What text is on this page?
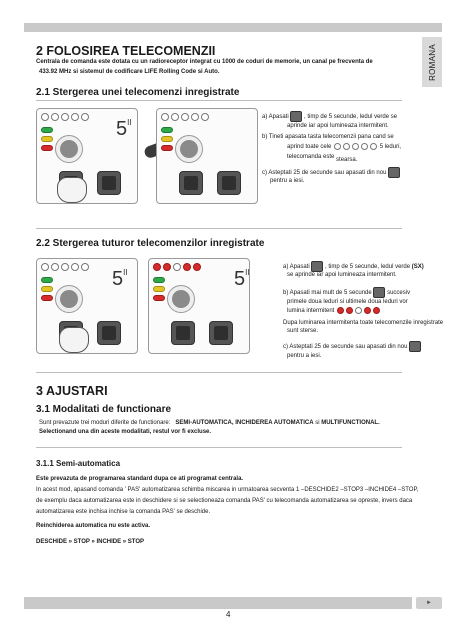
►
ROMANA
2 FOLOSIREA TELECOMENZII
Centrala de comanda este dotata cu un radioreceptor integrat cu 1000 de coduri de memorie, un canal pe frecventa de
433.92 MHz si sistemul de codificare LIFE Rolling Code si Auto.
2.1 Stergerea unei telecomenzi inregistrate
$5^{II}$
a) Apasati	, timp de 5 secunde, ledul verde se
aprinde iar apoi lumineaza intermitent.
b) Tineti apasata tasta telecomenzii pana cand se
aprind toate cele	5 leduri,
telecomanda este stearsa.
c) Asteptati 25 de secunde sau apasati din nou
pentru a iesi.
2.2 Stergerea tuturor telecomenzilor inregistrate
$5^{II}$	$5^{II}$
a) Apasati	, timp de 5 secunde, ledul verde (SX)
se aprinde iar apoi lumineaza intermitent.
b) Apasati mai mult de 5 secunde	succesiv
primele doua leduri si ultimele doua leduri vor
lumina intermitent
Dupa luminarea intermitenta toate telecomenzile inregistrate
sunt sterse.
c) Asteptati 25 de secunde sau apasati din nou
pentru a iesi.
3 AJUSTARI
3.1 Modalitati de functionare
Sunt prevazute trei moduri diferite de functionare: SEMI-AUTOMATICA, INCHIDEREA AUTOMATICA si MULTIFUNCTIONAL.
Selectionand una din aceste modalitati, restul vor fi excluse.
3.1.1 Semi-automatica
Este prevazuta de programarea standard dupa ce ati programat centrala.
In acest mod, apasand comanda ' PAS' automatizarea schimba miscarea in urmatoarea secventa 1 –DESCHIDE2 –STOP3 –INCHIDE4 –STOP,
de exemplu daca automatizarea este in deschidere si se selectioneaza comanda PAS' cu telecomanda automatizarea se opreste, invers daca
automatizarea este inchisa inchise la comanda PAS' se deschide.
Reinchiderea automatica nu este activa.
DESCHIDE » STOP » INCHIDE » STOP
4
